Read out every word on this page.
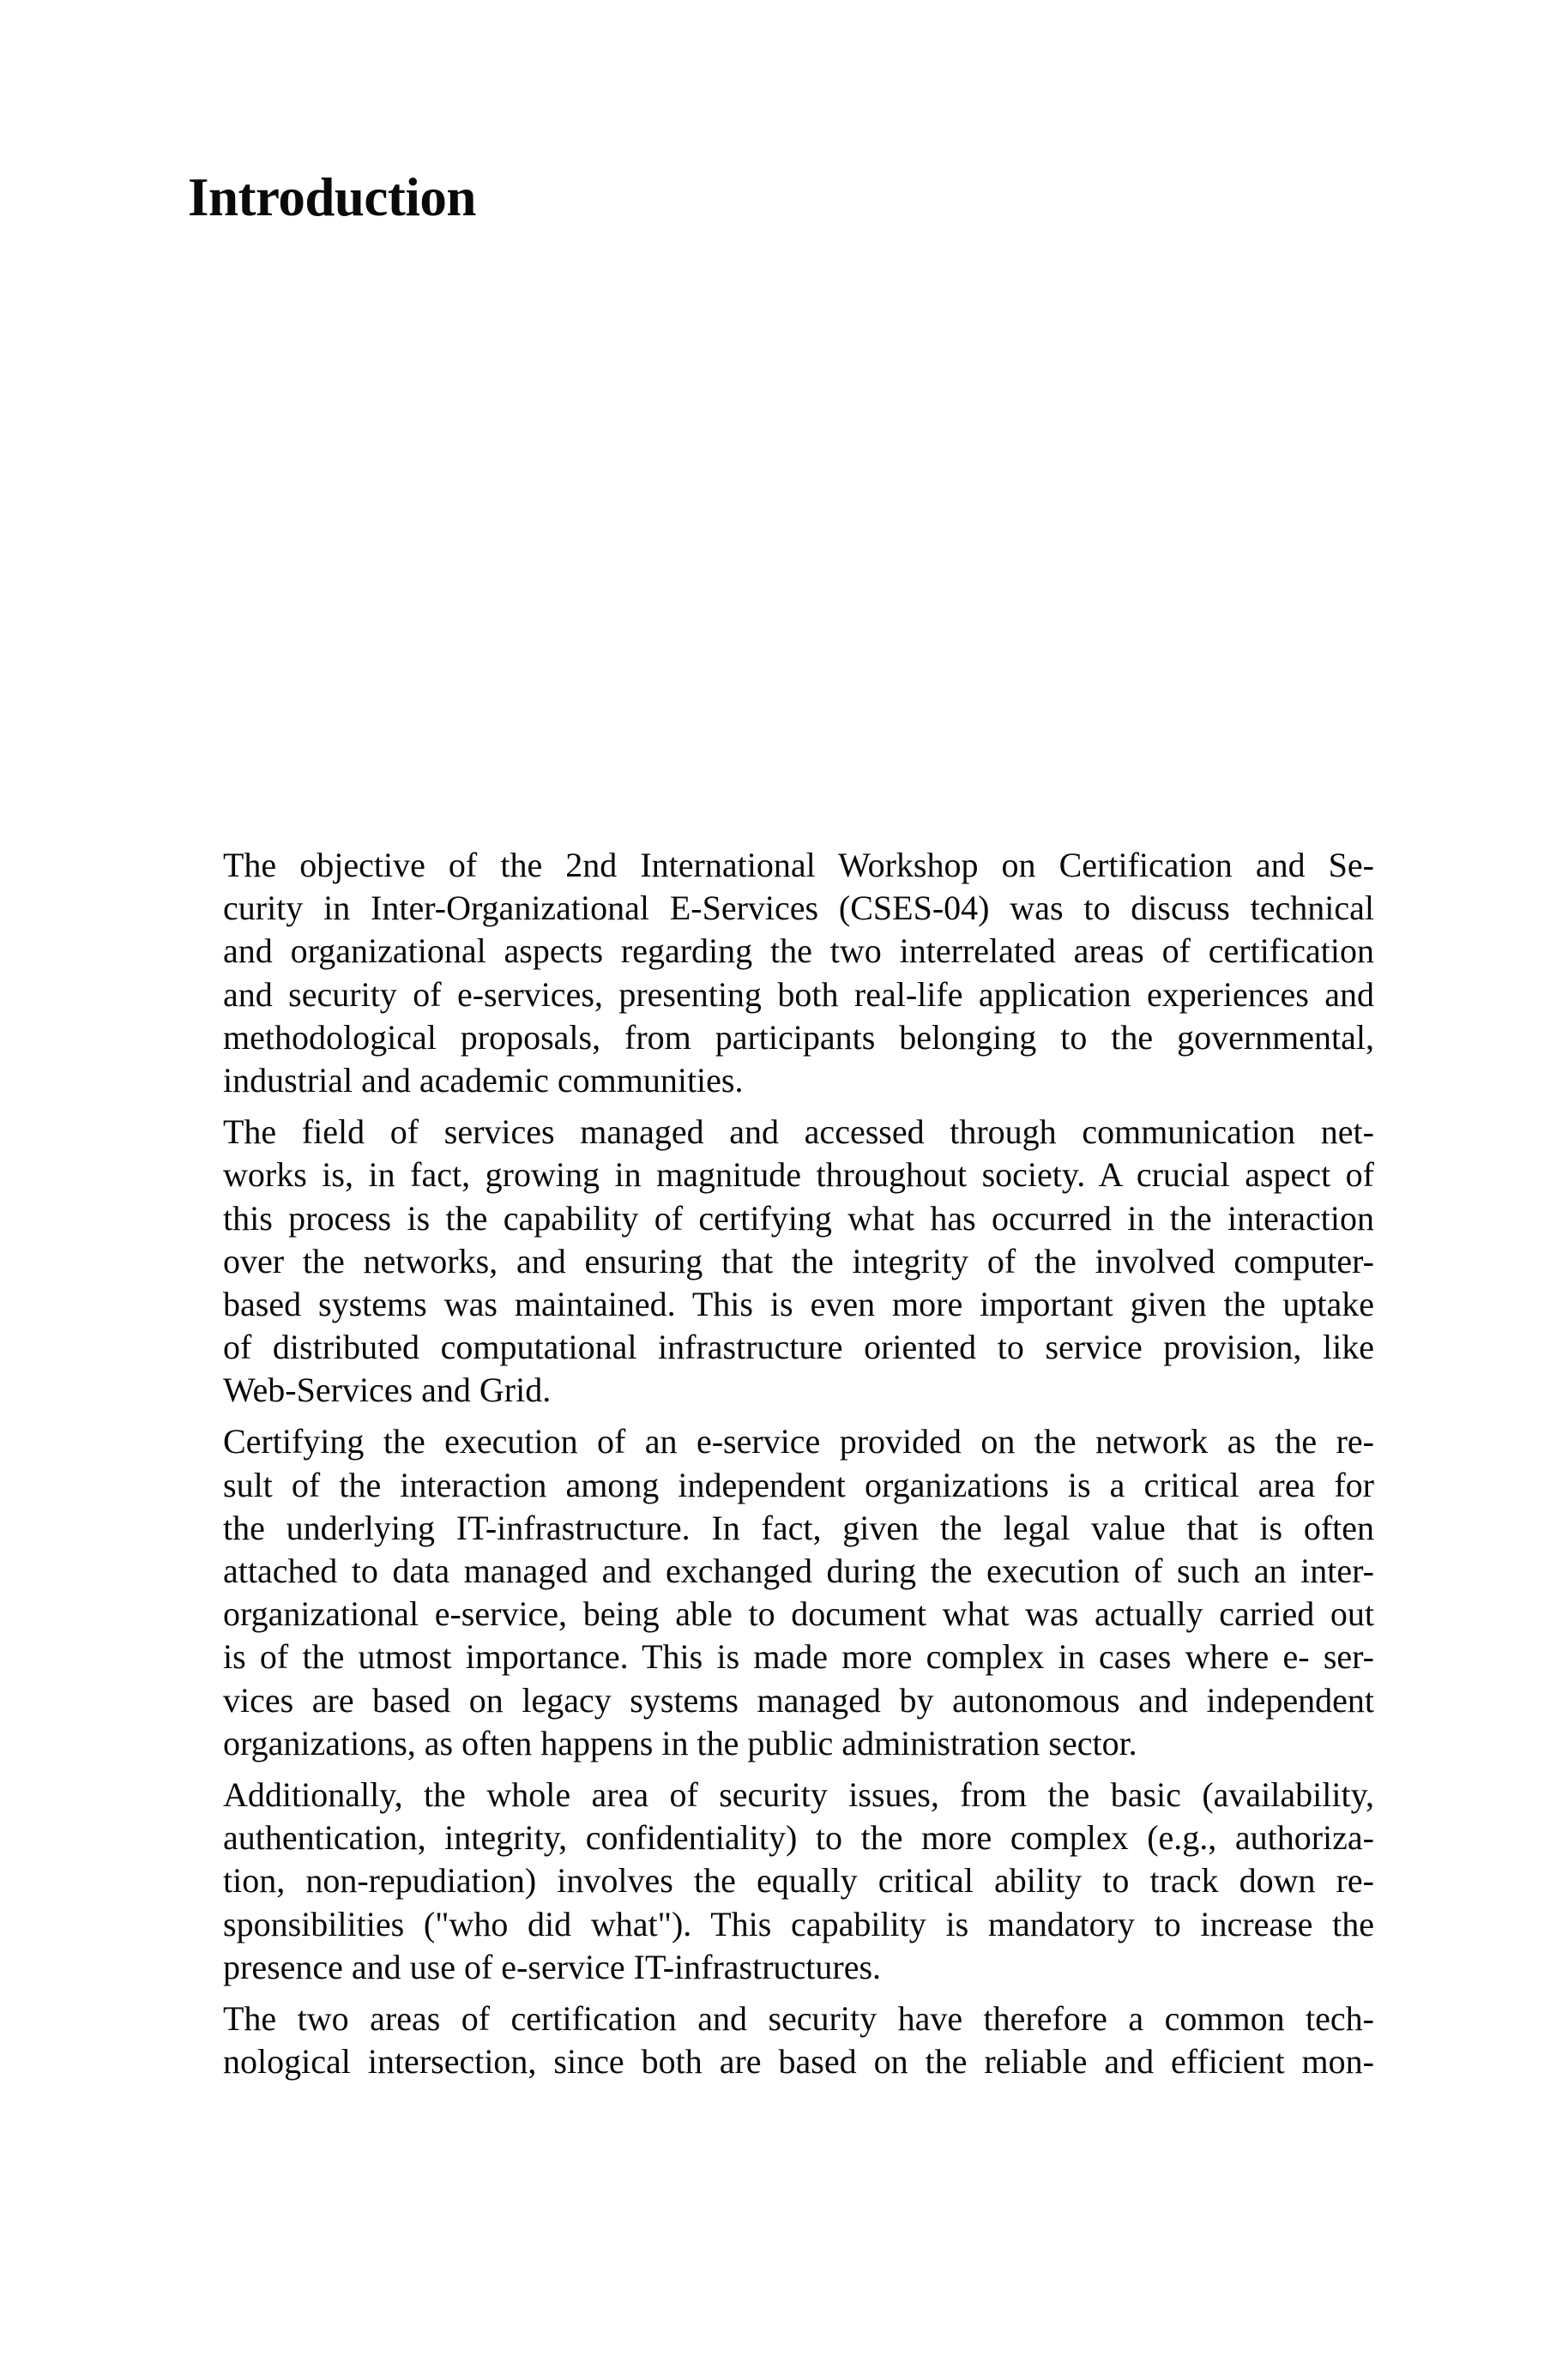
Introduction

The objective of the 2nd International Workshop on Certification and Se-
curity in Inter-Organizational E-Services (CSES-04) was to discuss technical
and organizational aspects regarding the two interrelated areas of certification
and security of e-services, presenting both real-life application experiences and
methodological proposals, from participants belonging to the governmental,
industrial and academic communities.

The field of services managed and accessed through communication net-
works is, in fact, growing in magnitude throughout society. A crucial aspect of
this process is the capability of certifying what has occurred in the interaction
over the networks, and ensuring that the integrity of the involved computer-
based systems was maintained. This is even more important given the uptake
of distributed computational infrastructure oriented to service provision, like
Web-Services and Grid.

Certifying the execution of an e-service provided on the network as the re-
sult of the interaction among independent organizations is a critical area for
the underlying IT-infrastructure. In fact, given the legal value that is often
attached to data managed and exchanged during the execution of such an inter-
organizational e-service, being able to document what was actually carried out
is of the utmost importance. This is made more complex in cases where e- ser-
vices are based on legacy systems managed by autonomous and independent
organizations, as often happens in the public administration sector.

Additionally, the whole area of security issues, from the basic (availability,
authentication, integrity, confidentiality) to the more complex (e.g., authoriza-
tion, non-repudiation) involves the equally critical ability to track down re-
sponsibilities ("who did what"). This capability is mandatory to increase the
presence and use of e-service IT-infrastructures.

The two areas of certification and security have therefore a common tech-
nological intersection, since both are based on the reliable and efficient mon-
